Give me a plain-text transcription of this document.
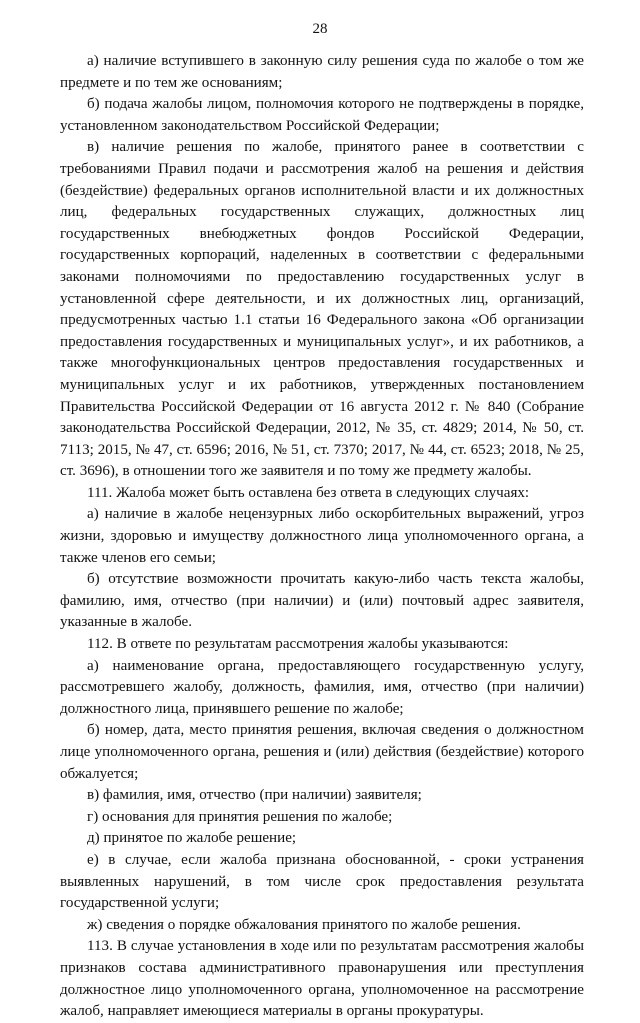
28

а) наличие вступившего в законную силу решения суда по жалобе о том же предмете и по тем же основаниям;

б) подача жалобы лицом, полномочия которого не подтверждены в порядке, установленном законодательством Российской Федерации;

в) наличие решения по жалобе, принятого ранее в соответствии с требованиями Правил подачи и рассмотрения жалоб на решения и действия (бездействие) федеральных органов исполнительной власти и их должностных лиц, федеральных государственных служащих, должностных лиц государственных внебюджетных фондов Российской Федерации, государственных корпораций, наделенных в соответствии с федеральными законами полномочиями по предоставлению государственных услуг в установленной сфере деятельности, и их должностных лиц, организаций, предусмотренных частью 1.1 статьи 16 Федерального закона «Об организации предоставления государственных и муниципальных услуг», и их работников, а также многофункциональных центров предоставления государственных и муниципальных услуг и их работников, утвержденных постановлением Правительства Российской Федерации от 16 августа 2012 г. № 840 (Собрание законодательства Российской Федерации, 2012, № 35, ст. 4829; 2014, № 50, ст. 7113; 2015, № 47, ст. 6596; 2016, № 51, ст. 7370; 2017, № 44, ст. 6523; 2018, № 25, ст. 3696), в отношении того же заявителя и по тому же предмету жалобы.

111. Жалоба может быть оставлена без ответа в следующих случаях:

а) наличие в жалобе нецензурных либо оскорбительных выражений, угроз жизни, здоровью и имуществу должностного лица уполномоченного органа, а также членов его семьи;

б) отсутствие возможности прочитать какую-либо часть текста жалобы, фамилию, имя, отчество (при наличии) и (или) почтовый адрес заявителя, указанные в жалобе.

112. В ответе по результатам рассмотрения жалобы указываются:

а) наименование органа, предоставляющего государственную услугу, рассмотревшего жалобу, должность, фамилия, имя, отчество (при наличии) должностного лица, принявшего решение по жалобе;

б) номер, дата, место принятия решения, включая сведения о должностном лице уполномоченного органа, решения и (или) действия (бездействие) которого обжалуется;

в) фамилия, имя, отчество (при наличии) заявителя;

г) основания для принятия решения по жалобе;

д) принятое по жалобе решение;

е) в случае, если жалоба признана обоснованной, - сроки устранения выявленных нарушений, в том числе срок предоставления результата государственной услуги;

ж) сведения о порядке обжалования принятого по жалобе решения.

113. В случае установления в ходе или по результатам рассмотрения жалобы признаков состава административного правонарушения или преступления должностное лицо уполномоченного органа, уполномоченное на рассмотрение жалоб, направляет имеющиеся материалы в органы прокуратуры.
